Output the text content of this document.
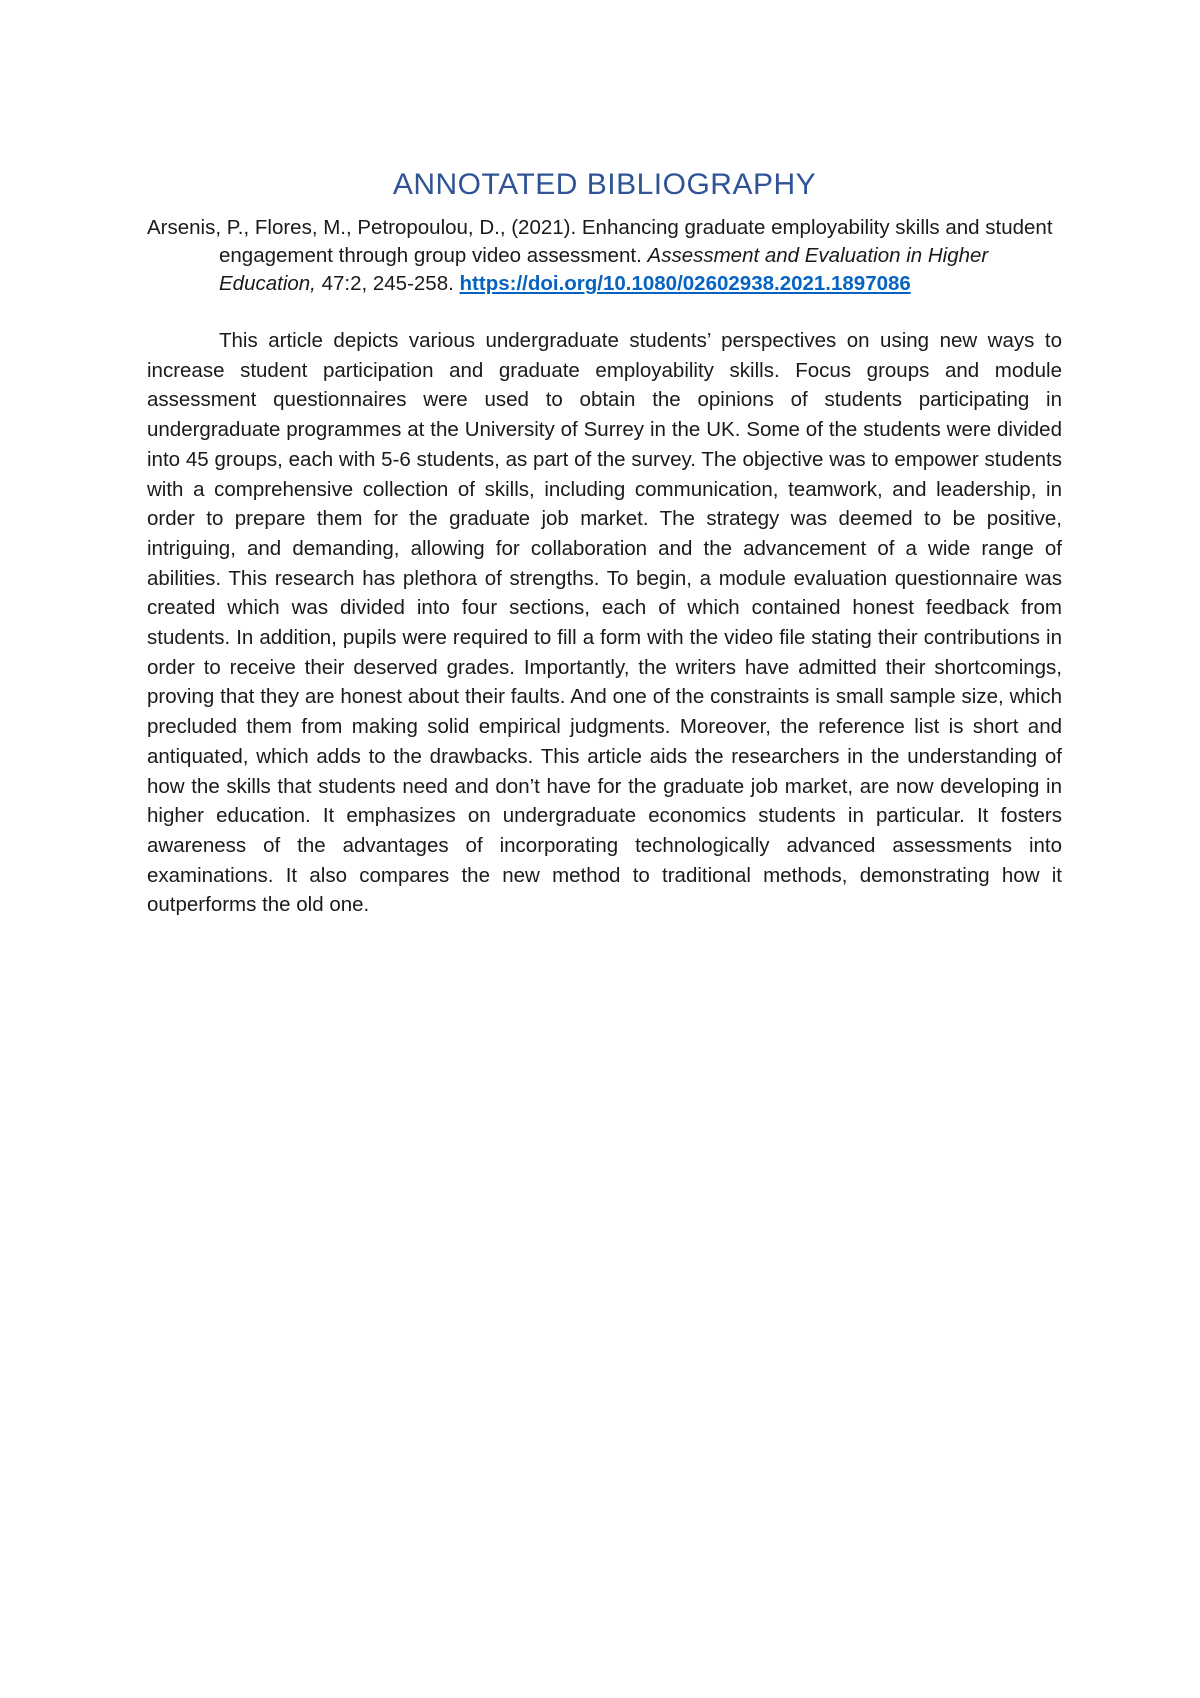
ANNOTATED BIBLIOGRAPHY

Arsenis, P., Flores, M., Petropoulou, D., (2021). Enhancing graduate employability skills and student engagement through group video assessment. Assessment and Evaluation in Higher Education, 47:2, 245-258. https://doi.org/10.1080/02602938.2021.1897086

This article depicts various undergraduate students’ perspectives on using new ways to increase student participation and graduate employability skills. Focus groups and module assessment questionnaires were used to obtain the opinions of students participating in undergraduate programmes at the University of Surrey in the UK. Some of the students were divided into 45 groups, each with 5-6 students, as part of the survey. The objective was to empower students with a comprehensive collection of skills, including communication, teamwork, and leadership, in order to prepare them for the graduate job market. The strategy was deemed to be positive, intriguing, and demanding, allowing for collaboration and the advancement of a wide range of abilities. This research has plethora of strengths. To begin, a module evaluation questionnaire was created which was divided into four sections, each of which contained honest feedback from students. In addition, pupils were required to fill a form with the video file stating their contributions in order to receive their deserved grades. Importantly, the writers have admitted their shortcomings, proving that they are honest about their faults. And one of the constraints is small sample size, which precluded them from making solid empirical judgments. Moreover, the reference list is short and antiquated, which adds to the drawbacks. This article aids the researchers in the understanding of how the skills that students need and don’t have for the graduate job market, are now developing in higher education. It emphasizes on undergraduate economics students in particular. It fosters awareness of the advantages of incorporating technologically advanced assessments into examinations. It also compares the new method to traditional methods, demonstrating how it outperforms the old one.
